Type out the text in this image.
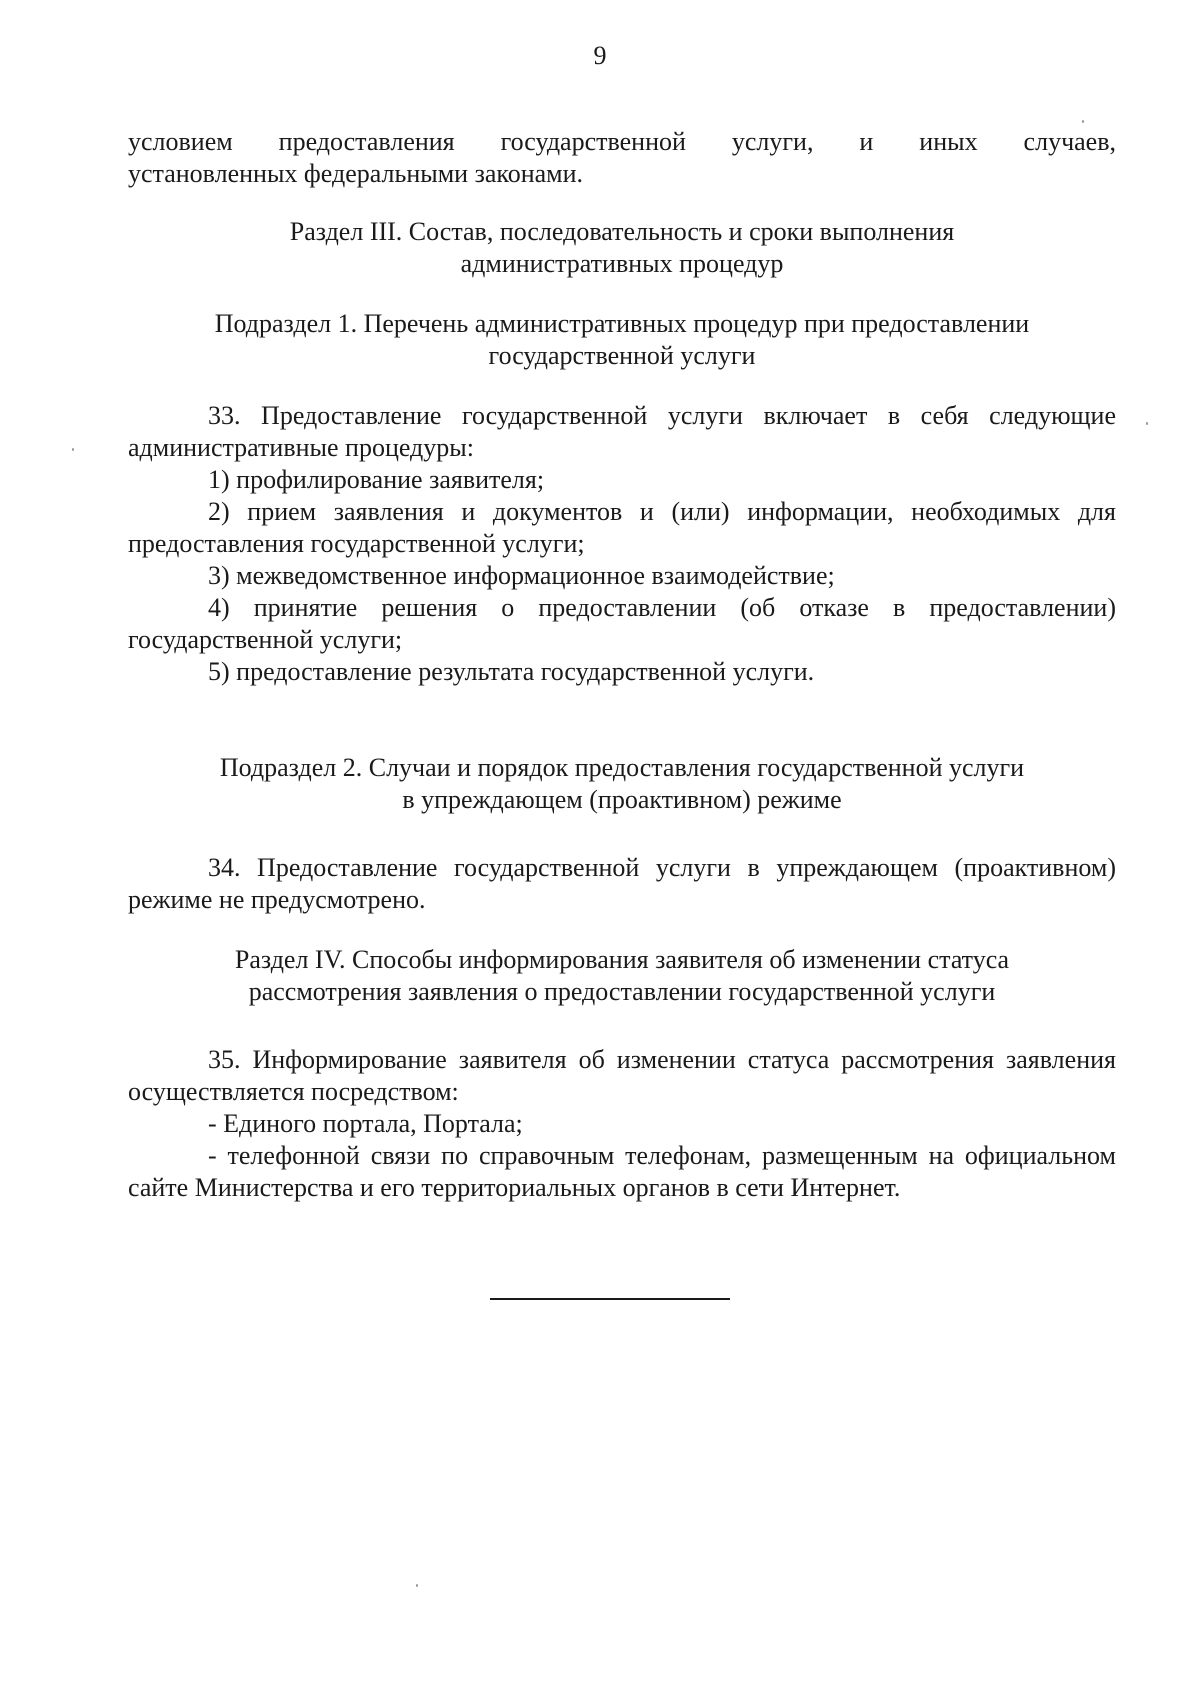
9
условием предоставления государственной услуги, и иных случаев,
установленных федеральными законами.
Раздел III. Состав, последовательность и сроки выполнения
административных процедур
Подраздел 1. Перечень административных процедур при предоставлении
государственной услуги
33. Предоставление государственной услуги включает в себя следующие
административные процедуры:
1) профилирование заявителя;
2) прием заявления и документов и (или) информации, необходимых для предоставления государственной услуги;
3) межведомственное информационное взаимодействие;
4) принятие решения о предоставлении (об отказе в предоставлении) государственной услуги;
5) предоставление результата государственной услуги.
Подраздел 2. Случаи и порядок предоставления государственной услуги
в упреждающем (проактивном) режиме
34. Предоставление государственной услуги в упреждающем (проактивном) режиме не предусмотрено.
Раздел IV. Способы информирования заявителя об изменении статуса
рассмотрения заявления о предоставлении государственной услуги
35. Информирование заявителя об изменении статуса рассмотрения заявления осуществляется посредством:
- Единого портала, Портала;
- телефонной связи по справочным телефонам, размещенным на официальном сайте Министерства и его территориальных органов в сети Интернет.
